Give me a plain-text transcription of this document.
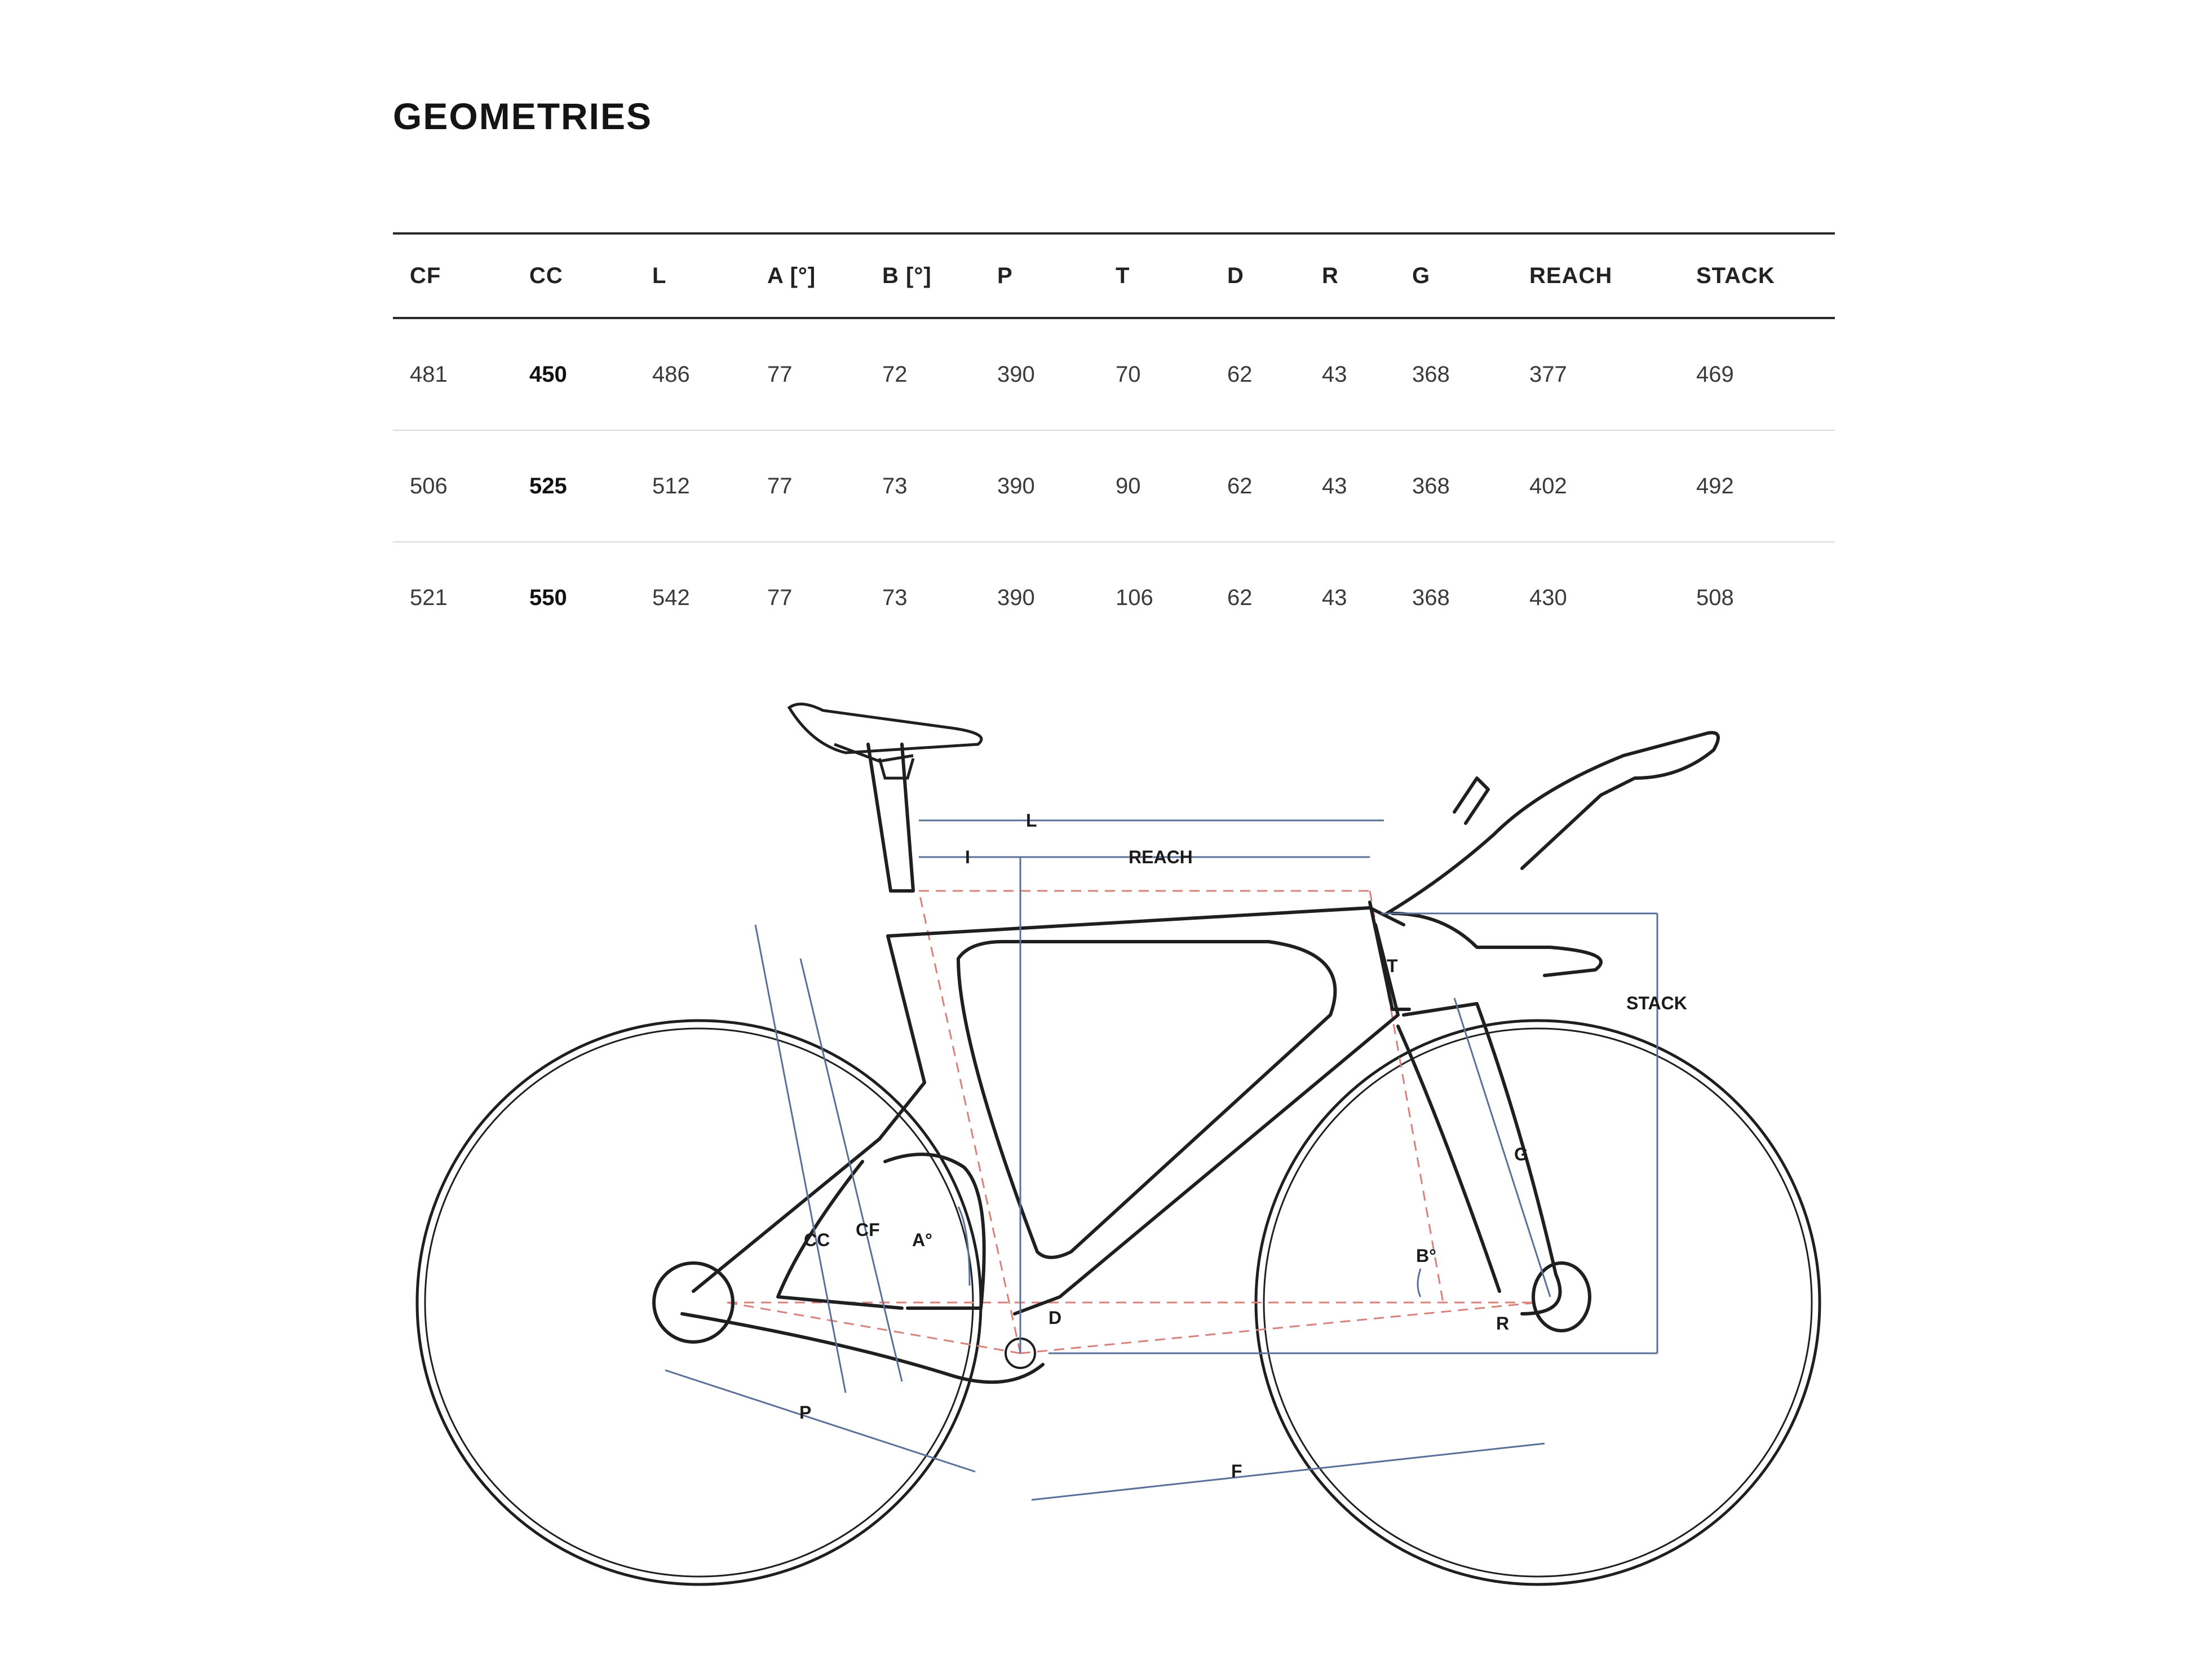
GEOMETRIES
CF	CC	L	A [°]	B [°]	P	T	D	R	G	REACH	STACK
481	450	486	77	72	390	70	62	43	368	377	469
506	525	512	77	73	390	90	62	43	368	402	492
521	550	542	77	73	390	106	62	43	368	430	508
L
I	REACH
T
STACK
G
CC CF A°
B°
D	R
P
F
